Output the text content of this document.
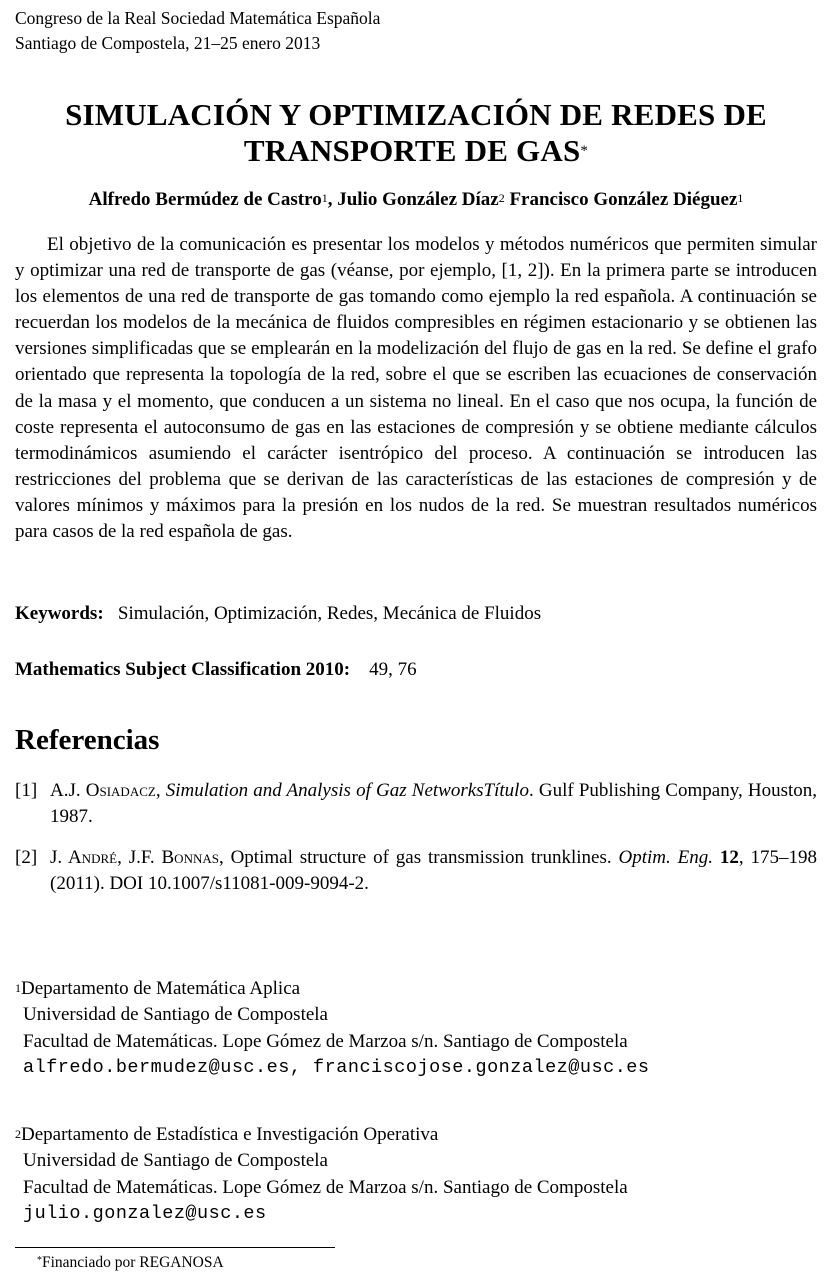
Congreso de la Real Sociedad Matemática Española
Santiago de Compostela, 21–25 enero 2013
SIMULACIÓN Y OPTIMIZACIÓN DE REDES DE
TRANSPORTE DE GAS*
Alfredo Bermúdez de Castro$^1$, Julio González Díaz$^2$ Francisco González Diéguez$^1$

El objetivo de la comunicación es presentar los modelos y métodos numéricos que permiten simular y optimizar una red de transporte de gas (véanse, por ejemplo, [1, 2]). En la primera parte se introducen los elementos de una red de transporte de gas tomando como ejemplo la red española. A continuación se recuerdan los modelos de la mecánica de fluidos compresibles en régimen estacionario y se obtienen las versiones simplificadas que se emplearán en la modelización del flujo de gas en la red. Se define el grafo orientado que representa la topología de la red, sobre el que se escriben las ecuaciones de conservación de la masa y el momento, que conducen a un sistema no lineal. En el caso que nos ocupa, la función de coste representa el autoconsumo de gas en las estaciones de compresión y se obtiene mediante cálculos termodinámicos asumiendo el carácter isentrópico del proceso. A continuación se introducen las restricciones del problema que se derivan de las características de las estaciones de compresión y de valores mínimos y máximos para la presión en los nudos de la red. Se muestran resultados numéricos para casos de la red española de gas.

Keywords: Simulación, Optimización, Redes, Mecánica de Fluidos
Mathematics Subject Classification 2010: 49, 76
Referencias
[1] A.J. Osiadacz, Simulation and Analysis of Gaz NetworksTítulo. Gulf Publishing Company, Houston, 1987.
[2] J. André, J.F. Bonnas, Optimal structure of gas transmission trunklines. Optim. Eng. 12, 175–198 (2011). DOI 10.1007/s11081-009-9094-2.
$^1$Departamento de Matemática Aplica
Universidad de Santiago de Compostela
Facultad de Matemáticas. Lope Gómez de Marzoa s/n. Santiago de Compostela
alfredo.bermudez@usc.es, franciscojose.gonzalez@usc.es
$^2$Departamento de Estadística e Investigación Operativa
Universidad de Santiago de Compostela
Facultad de Matemáticas. Lope Gómez de Marzoa s/n. Santiago de Compostela
julio.gonzalez@usc.es
*Financiado por REGANOSA
